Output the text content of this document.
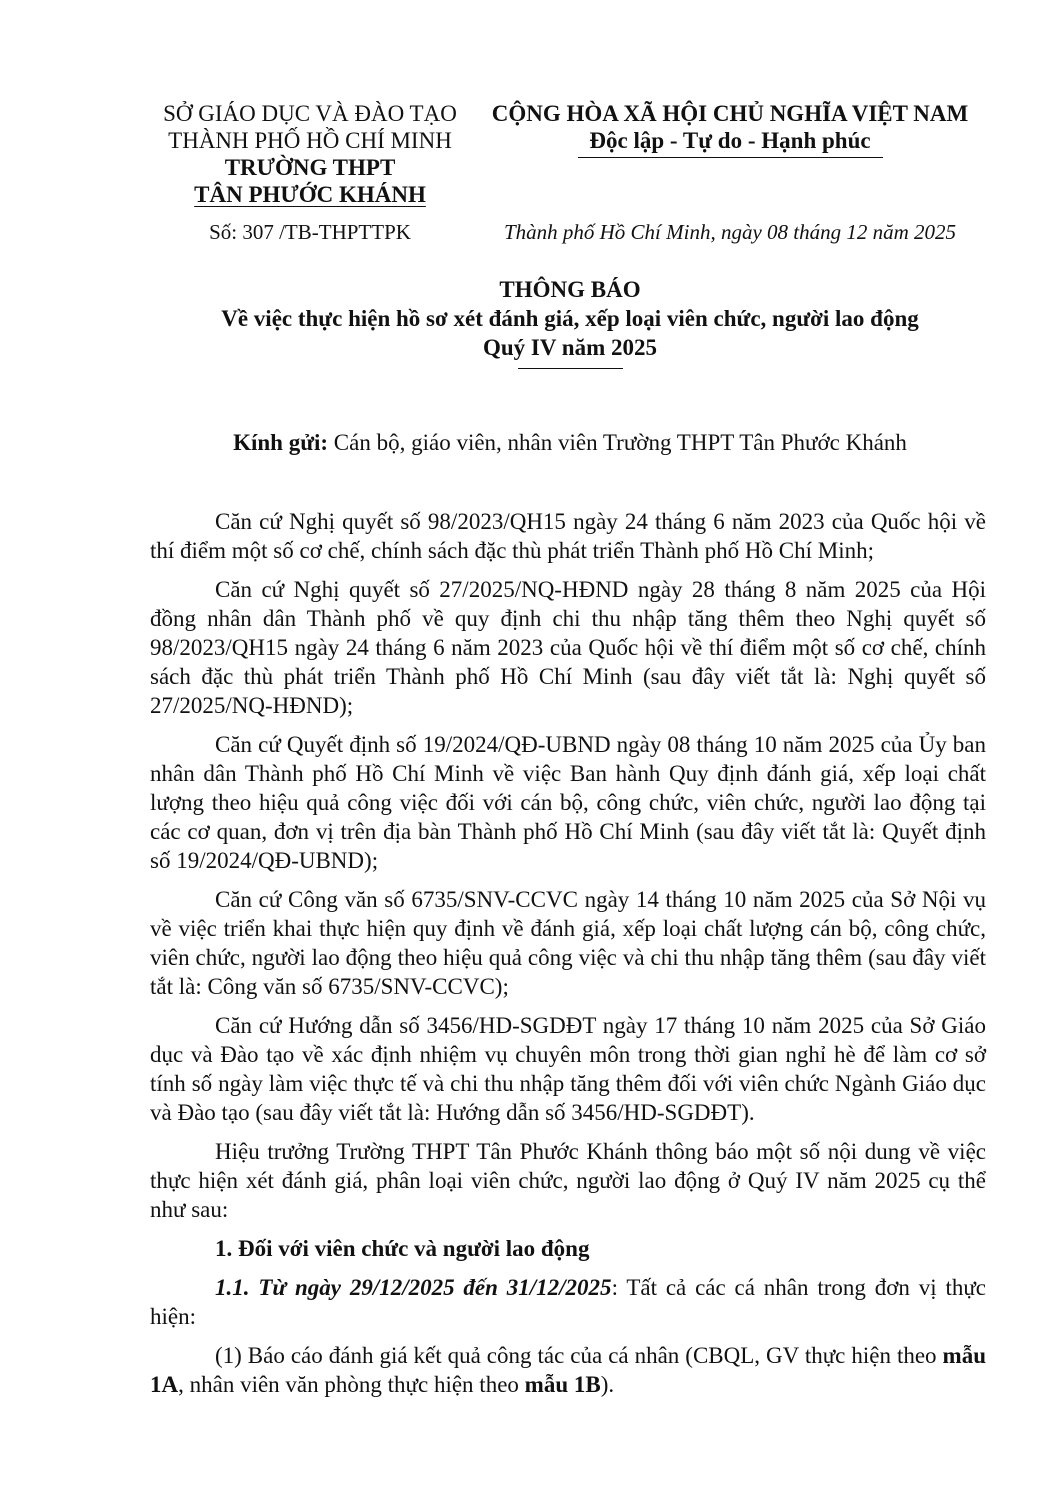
SỞ GIÁO DỤC VÀ ĐÀO TẠO
THÀNH PHỐ HỒ CHÍ MINH
TRƯỜNG THPT
TÂN PHƯỚC KHÁNH
CỘNG HÒA XÃ HỘI CHỦ NGHĨA VIỆT NAM
Độc lập - Tự do - Hạnh phúc
Số: 307 /TB-THPTTPK	Thành phố Hồ Chí Minh, ngày 08 tháng 12 năm 2025
THÔNG BÁO
Về việc thực hiện hồ sơ xét đánh giá, xếp loại viên chức, người lao động
Quý IV năm 2025
Kính gửi: Cán bộ, giáo viên, nhân viên Trường THPT Tân Phước Khánh

Căn cứ Nghị quyết số 98/2023/QH15 ngày 24 tháng 6 năm 2023 của Quốc hội về thí điểm một số cơ chế, chính sách đặc thù phát triển Thành phố Hồ Chí Minh;

Căn cứ Nghị quyết số 27/2025/NQ-HĐND ngày 28 tháng 8 năm 2025 của Hội đồng nhân dân Thành phố về quy định chi thu nhập tăng thêm theo Nghị quyết số 98/2023/QH15 ngày 24 tháng 6 năm 2023 của Quốc hội về thí điểm một số cơ chế, chính sách đặc thù phát triển Thành phố Hồ Chí Minh (sau đây viết tắt là: Nghị quyết số 27/2025/NQ-HĐND);

Căn cứ Quyết định số 19/2024/QĐ-UBND ngày 08 tháng 10 năm 2025 của Ủy ban nhân dân Thành phố Hồ Chí Minh về việc Ban hành Quy định đánh giá, xếp loại chất lượng theo hiệu quả công việc đối với cán bộ, công chức, viên chức, người lao động tại các cơ quan, đơn vị trên địa bàn Thành phố Hồ Chí Minh (sau đây viết tắt là: Quyết định số 19/2024/QĐ-UBND);

Căn cứ Công văn số 6735/SNV-CCVC ngày 14 tháng 10 năm 2025 của Sở Nội vụ về việc triển khai thực hiện quy định về đánh giá, xếp loại chất lượng cán bộ, công chức, viên chức, người lao động theo hiệu quả công việc và chi thu nhập tăng thêm (sau đây viết tắt là: Công văn số 6735/SNV-CCVC);

Căn cứ Hướng dẫn số 3456/HD-SGDĐT ngày 17 tháng 10 năm 2025 của Sở Giáo dục và Đào tạo về xác định nhiệm vụ chuyên môn trong thời gian nghỉ hè để làm cơ sở tính số ngày làm việc thực tế và chi thu nhập tăng thêm đối với viên chức Ngành Giáo dục và Đào tạo (sau đây viết tắt là: Hướng dẫn số 3456/HD-SGDĐT).

Hiệu trưởng Trường THPT Tân Phước Khánh thông báo một số nội dung về việc thực hiện xét đánh giá, phân loại viên chức, người lao động ở Quý IV năm 2025 cụ thể như sau:

1. Đối với viên chức và người lao động

1.1. Từ ngày 29/12/2025 đến 31/12/2025: Tất cả các cá nhân trong đơn vị thực hiện:

(1) Báo cáo đánh giá kết quả công tác của cá nhân (CBQL, GV thực hiện theo mẫu 1A, nhân viên văn phòng thực hiện theo mẫu 1B).
